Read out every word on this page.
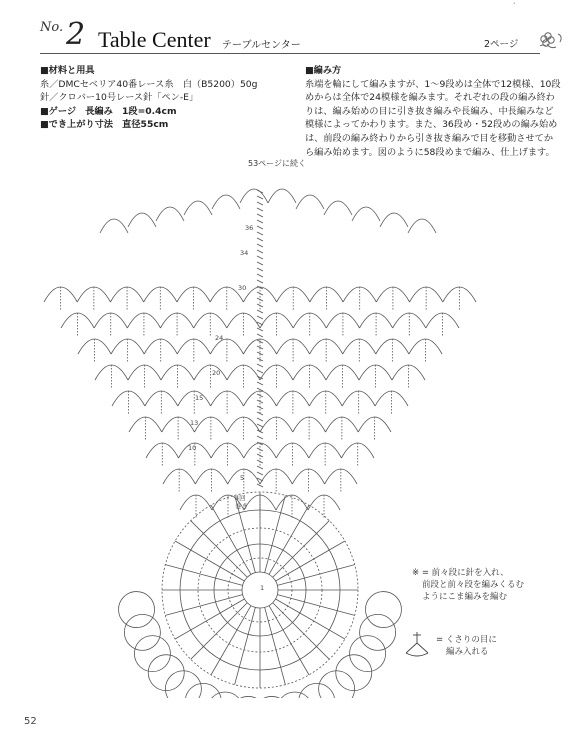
´
No. 2 Table Center テーブルセンター	2ページ
■材料と用具
糸／DMCセベリア40番レース糸　白（B5200）50g
針／クロバー10号レース針「ペン-E」
■ゲージ　長編み　1段=0.4cm
■でき上がり寸法　直径55cm
■編み方
糸端を輪にして編みますが、1〜9段めは全体で12模様、10段
めからは全体で24模様を編みます。それぞれの段の編み終わ
りは、編み始めの目に引き抜き編みや長編み、中長編みなど
模様によってかわります。また、36段め・52段めの編み始め
は、前段の編み終わりから引き抜き編みで目を移動させてか
ら編み始めます。図のように58段めまで編み、仕上げます。
53ページに続く
36
34
30
24
20
15
13
10
5
1
4回
巻き
※ = 前々段に針を入れ、
前段と前々段を編みくるむ
ようにこま編みを編む
= くさりの目に
編み入れる
52
